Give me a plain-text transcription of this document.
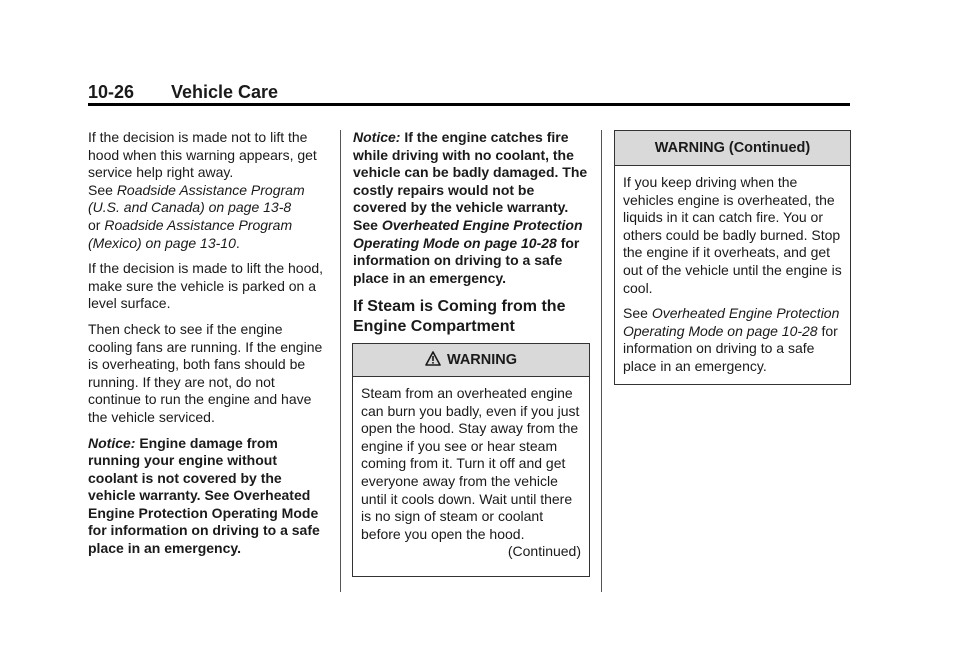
10-26 Vehicle Care

If the decision is made not to lift the hood when this warning appears, get service help right away.
See Roadside Assistance Program (U.S. and Canada) on page 13-8
or Roadside Assistance Program (Mexico) on page 13-10.

If the decision is made to lift the hood, make sure the vehicle is parked on a level surface.

Then check to see if the engine cooling fans are running. If the engine is overheating, both fans should be running. If they are not, do not continue to run the engine and have the vehicle serviced.

Notice: Engine damage from running your engine without coolant is not covered by the vehicle warranty. See Overheated Engine Protection Operating Mode for information on driving to a safe place in an emergency.

Notice: If the engine catches fire while driving with no coolant, the vehicle can be badly damaged. The costly repairs would not be covered by the vehicle warranty. See Overheated Engine Protection Operating Mode on page 10-28 for information on driving to a safe place in an emergency.

If Steam is Coming from the Engine Compartment
WARNING

Steam from an overheated engine can burn you badly, even if you just open the hood. Stay away from the engine if you see or hear steam coming from it. Turn it off and get everyone away from the vehicle until it cools down. Wait until there is no sign of steam or coolant before you open the hood.

(Continued)
WARNING (Continued)

If you keep driving when the vehicles engine is overheated, the liquids in it can catch fire. You or others could be badly burned. Stop the engine if it overheats, and get out of the vehicle until the engine is cool.

See Overheated Engine Protection Operating Mode on page 10-28 for information on driving to a safe place in an emergency.
